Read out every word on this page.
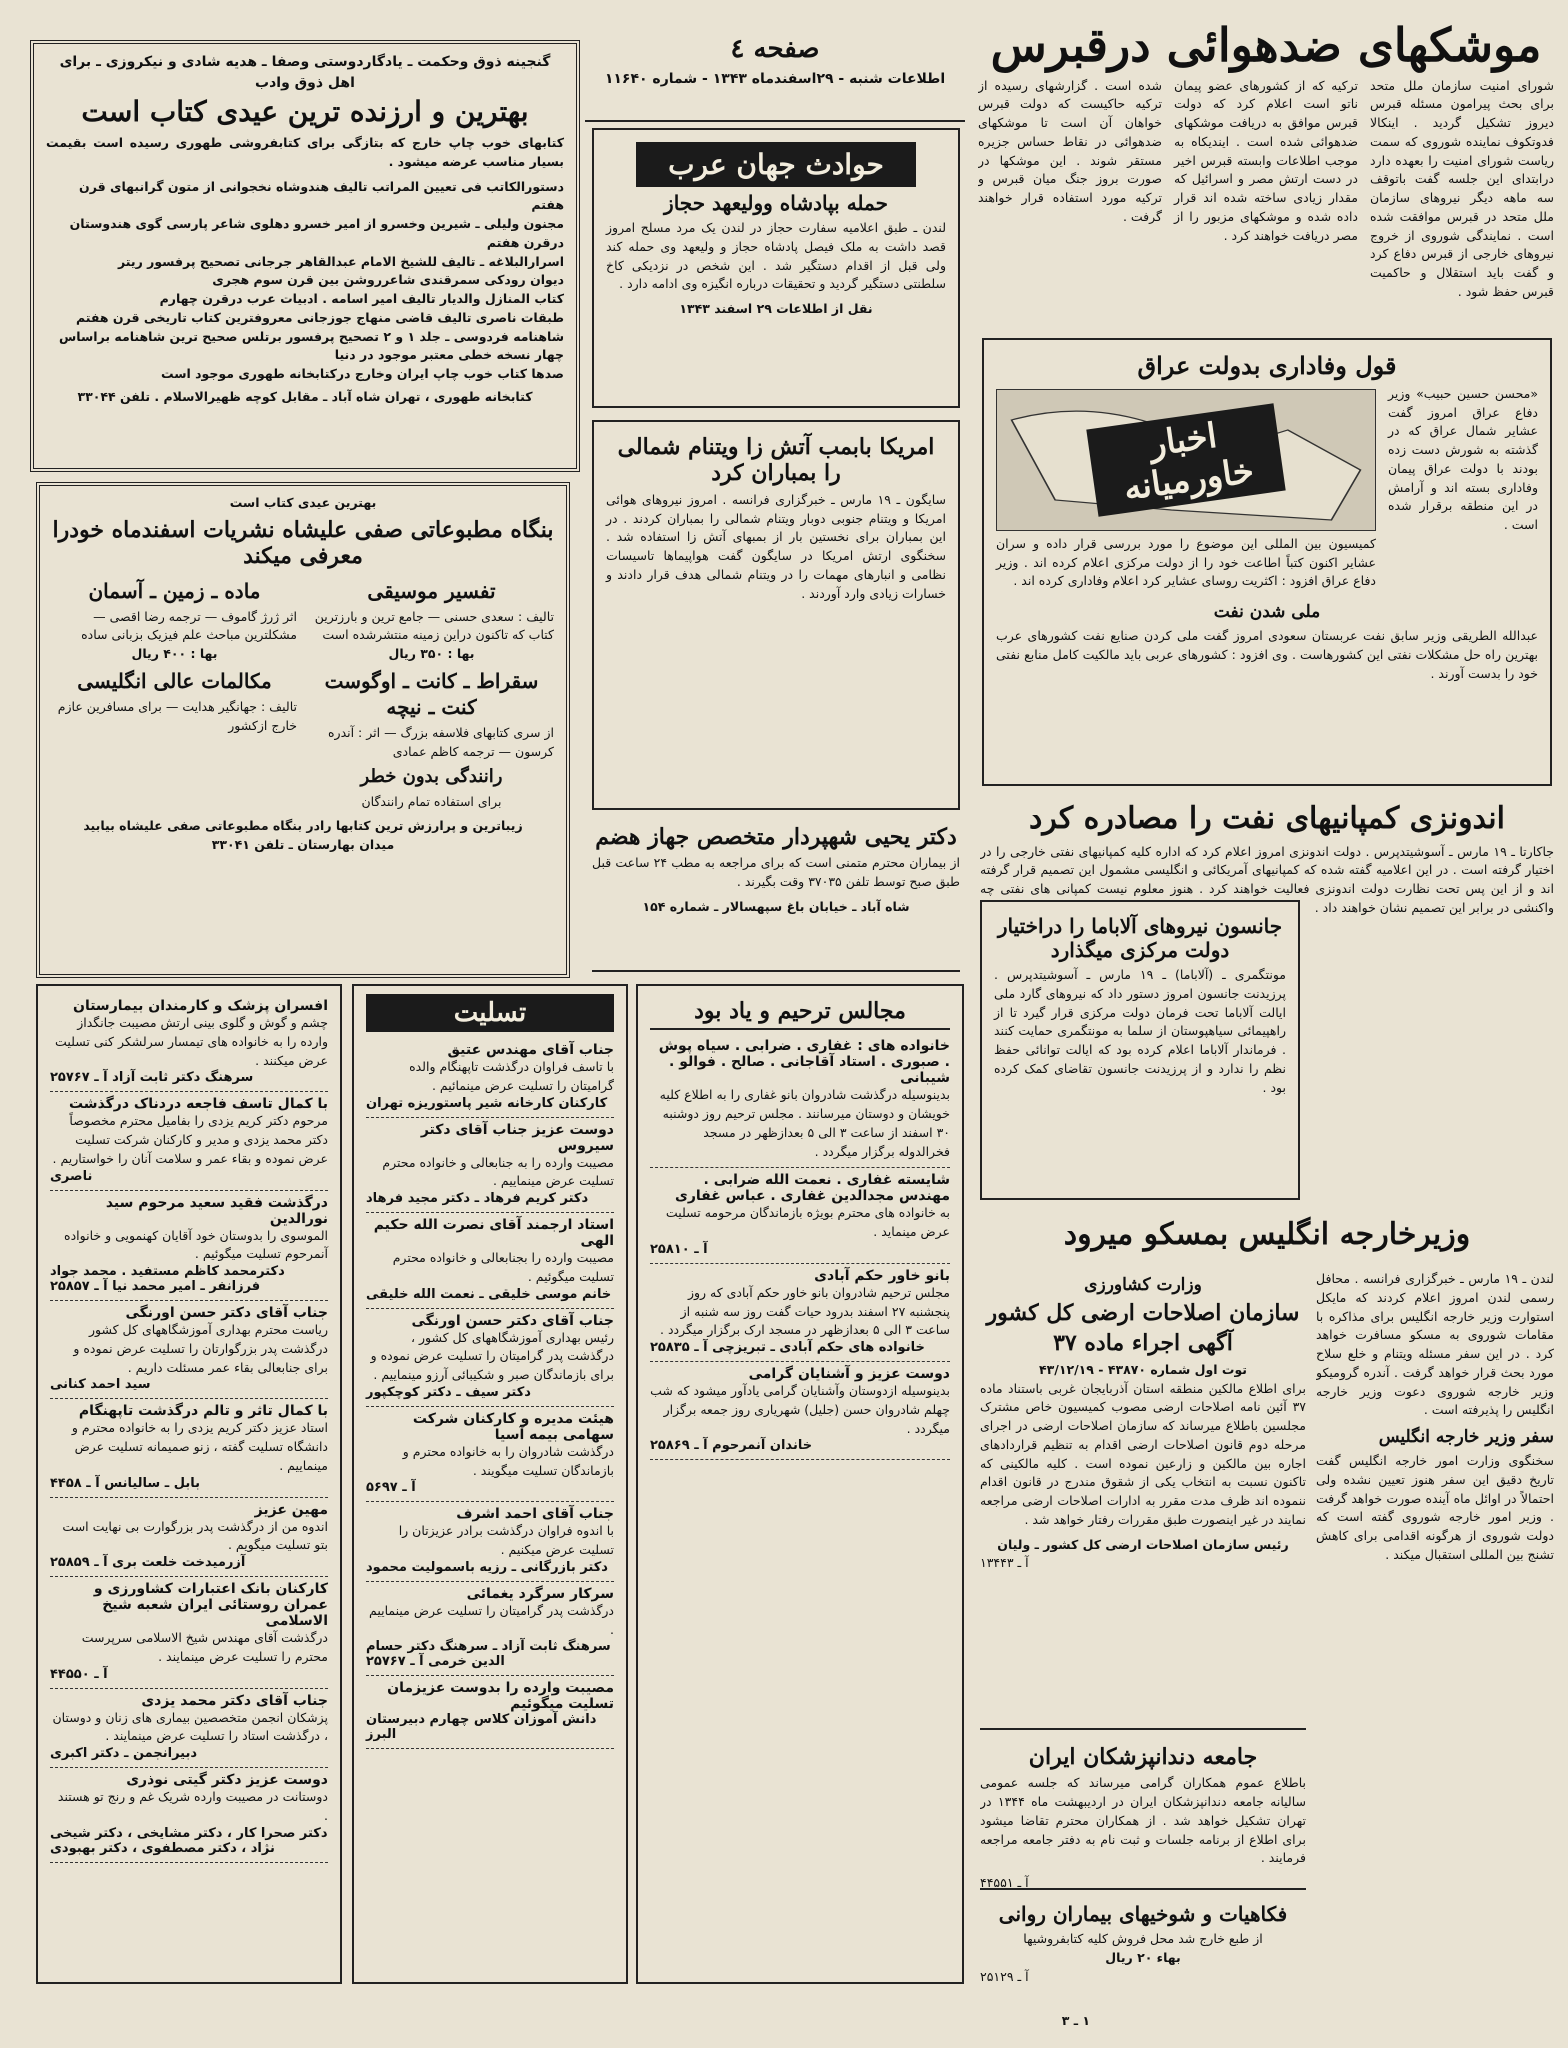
موشکهای ضدهوائی درقبرس

شورای امنیت سازمان ملل متحد برای بحث پیرامون مسئله قبرس دیروز تشکیل گردید . اینکالا فدوتکوف نماینده شوروی که سمت ریاست شورای امنیت را بعهده دارد درابتدای این جلسه گفت باتوقف سه ماهه دیگر نیروهای سازمان ملل متحد در قبرس موافقت شده است . نمایندگی شوروی از خروج نیروهای خارجی از قبرس دفاع کرد و گفت باید استقلال و حاکمیت قبرس حفظ شود .

ترکیه که از کشورهای عضو پیمان ناتو است اعلام کرد که دولت قبرس موافق به دریافت موشکهای ضدهوائی شده است . ایندیکاه به موجب اطلاعات وابسته قبرس اخیر در دست ارتش مصر و اسرائیل که مقدار زیادی ساخته شده اند قرار داده شده و موشکهای مزبور را از مصر دریافت خواهند کرد .

شده است . گزارشهای رسیده از ترکیه حاکیست که دولت قبرس خواهان آن است تا موشکهای ضدهوائی در نقاط حساس جزیره مستقر شوند . این موشکها در صورت بروز جنگ میان قبرس و ترکیه مورد استفاده قرار خواهند گرفت .

قول وفاداری بدولت عراق

«محسن حسین حبیب» وزیر دفاع عراق امروز گفت عشایر شمال عراق که در گذشته به شورش دست زده بودند با دولت عراق پیمان وفاداری بسته اند و آرامش در این منطقه برقرار شده است .

اخبار خاورمیانه

کمیسیون بین المللی این موضوع را مورد بررسی قرار داده و سران عشایر اکنون کتباً اطاعت خود را از دولت مرکزی اعلام کرده اند . وزیر دفاع عراق افزود : اکثریت روسای عشایر کرد اعلام وفاداری کرده اند .

ملی شدن نفت

عبدالله الطریقی وزیر سابق نفت عربستان سعودی امروز گفت ملی کردن صنایع نفت کشورهای عرب بهترین راه حل مشکلات نفتی این کشورهاست . وی افزود : کشورهای عربی باید مالکیت کامل منابع نفتی خود را بدست آورند .

اندونزی کمپانیهای نفت را مصادره کرد

جاکارتا ـ ۱۹ مارس ـ آسوشیتدپرس . دولت اندونزی امروز اعلام کرد که اداره کلیه کمپانیهای نفتی خارجی را در اختیار گرفته است . در این اعلامیه گفته شده که کمپانیهای آمریکائی و انگلیسی مشمول این تصمیم قرار گرفته اند و از این پس تحت نظارت دولت اندونزی فعالیت خواهند کرد . هنوز معلوم نیست کمپانی های نفتی چه واکنشی در برابر این تصمیم نشان خواهند داد .

جانسون نیروهای آلاباما را دراختیار دولت مرکزی میگذارد

مونتگمری ـ (آلاباما) ـ ۱۹ مارس ـ آسوشیتدپرس . پرزیدنت جانسون امروز دستور داد که نیروهای گارد ملی ایالت آلاباما تحت فرمان دولت مرکزی قرار گیرد تا از راهپیمائی سیاهپوستان از سلما به مونتگمری حمایت کنند . فرماندار آلاباما اعلام کرده بود که ایالت توانائی حفظ نظم را ندارد و از پرزیدنت جانسون تقاضای کمک کرده بود .

وزیرخارجه انگلیس بمسکو میرود

لندن ـ ۱۹ مارس ـ خبرگزاری فرانسه . محافل رسمی لندن امروز اعلام کردند که مایکل استوارت وزیر خارجه انگلیس برای مذاکره با مقامات شوروی به مسکو مسافرت خواهد کرد . در این سفر مسئله ویتنام و خلع سلاح مورد بحث قرار خواهد گرفت . آندره گرومیکو وزیر خارجه شوروی دعوت وزیر خارجه انگلیس را پذیرفته است .

سفر وزیر خارجه انگلیس

سخنگوی وزارت امور خارجه انگلیس گفت تاریخ دقیق این سفر هنوز تعیین نشده ولی احتمالاً در اوائل ماه آینده صورت خواهد گرفت . وزیر امور خارجه شوروی گفته است که دولت شوروی از هرگونه اقدامی برای کاهش تشنج بین المللی استقبال میکند .

وزارت کشاورزی
سازمان اصلاحات ارضی کل کشور
آگهی اجراء ماده ۳۷
توت اول شماره ۴۳۸۷۰ - ۴۳/۱۲/۱۹

برای اطلاع مالکین منطقه استان آذربایجان غربی باستناد ماده ۳۷ آئین نامه اصلاحات ارضی مصوب کمیسیون خاص مشترک مجلسین باطلاع میرساند که سازمان اصلاحات ارضی در اجرای مرحله دوم قانون اصلاحات ارضی اقدام به تنظیم قراردادهای اجاره بین مالکین و زارعین نموده است . کلیه مالکینی که تاکنون نسبت به انتخاب یکی از شقوق مندرج در قانون اقدام ننموده اند ظرف مدت مقرر به ادارات اصلاحات ارضی مراجعه نمایند در غیر اینصورت طبق مقررات رفتار خواهد شد .

رئیس سازمان اصلاحات ارضی کل کشور ـ ولیان
آ ـ ۱۳۴۴۳
جامعه دندانپزشکان ایران

باطلاع عموم همکاران گرامی میرساند که جلسه عمومی سالیانه جامعه دندانپزشکان ایران در اردیبهشت ماه ۱۳۴۴ در تهران تشکیل خواهد شد . از همکاران محترم تقاضا میشود برای اطلاع از برنامه جلسات و ثبت نام به دفتر جامعه مراجعه فرمایند .

آ ـ ۴۴۵۵۱
فکاهیات و شوخیهای بیماران روانی
از طبع خارج شد محل فروش کلیه کتابفروشیها
بهاء ۲۰ ریال
آ ـ ۲۵۱۲۹
صفحه ٤
اطلاعات شنبه - ۲۹اسفندماه ۱۳۴۳ - شماره ۱۱۶۴۰
حوادث جهان عرب
حمله بپادشاه وولیعهد حجاز

لندن ـ طبق اعلامیه سفارت حجاز در لندن یک مرد مسلح امروز قصد داشت به ملک فیصل پادشاه حجاز و ولیعهد وی حمله کند ولی قبل از اقدام دستگیر شد . این شخص در نزدیکی کاخ سلطنتی دستگیر گردید و تحقیقات درباره انگیزه وی ادامه دارد .

نقل از اطلاعات ۲۹ اسفند ۱۳۴۳
امریکا بابمب آتش زا ویتنام شمالی را بمباران کرد

سایگون ـ ۱۹ مارس ـ خبرگزاری فرانسه . امروز نیروهای هوائی امریکا و ویتنام جنوبی دوبار ویتنام شمالی را بمباران کردند . در این بمباران برای نخستین بار از بمبهای آتش زا استفاده شد . سخنگوی ارتش امریکا در سایگون گفت هواپیماها تاسیسات نظامی و انبارهای مهمات را در ویتنام شمالی هدف قرار دادند و خسارات زیادی وارد آوردند .

دکتر یحیی شهپردار متخصص جهاز هضم

از بیماران محترم متمنی است که برای مراجعه به مطب ۲۴ ساعت قبل طبق صبح توسط تلفن ۳۷۰۳۵ وقت بگیرند .

شاه آباد ـ خیابان باغ سپهسالار ـ شماره ۱۵۴
مجالس ترحیم و یاد بود
خانواده های : غفاری . ضرابی . سیاه پوش . صبوری . استاد آقاجانی . صالح . فوالو . شیبانی
بدینوسیله درگذشت شادروان بانو غفاری را به اطلاع کلیه خویشان و دوستان میرسانند . مجلس ترحیم روز دوشنبه ۳۰ اسفند از ساعت ۳ الی ۵ بعدازظهر در مسجد فخرالدوله برگزار میگردد .
شایسته غفاری . نعمت الله ضرابی . مهندس مجدالدین غفاری . عباس غفاری
به خانواده های محترم بویژه بازماندگان مرحومه تسلیت عرض مینماید .
آ ـ ۲۵۸۱۰
بانو خاور حکم آبادی
مجلس ترحیم شادروان بانو خاور حکم آبادی که روز پنجشنبه ۲۷ اسفند بدرود حیات گفت روز سه شنبه از ساعت ۳ الی ۵ بعدازظهر در مسجد ارک برگزار میگردد .
خانواده های حکم آبادی ـ تبریزچی آ ـ ۲۵۸۳۵
دوست عزیز و آشنایان گرامی
بدینوسیله ازدوستان وآشنایان گرامی یادآور میشود که شب چهلم شادروان حسن (جلیل) شهریاری روز جمعه برگزار میگردد .
خاندان آنمرحوم آ ـ ۲۵۸۶۹
تسلیت
جناب آقای مهندس عتیق
با تاسف فراوان درگذشت تاپهنگام والده گرامیتان را تسلیت عرض مینمائیم .
کارکنان کارخانه شیر پاستوریزه تهران
دوست عزیز جناب آقای دکتر سیروس
مصیبت وارده را به جنابعالی و خانواده محترم تسلیت عرض مینماییم .
دکتر کریم فرهاد ـ دکتر مجید فرهاد
استاد ارجمند آقای نصرت الله حکیم الهی
مصیبت وارده را بجنابعالی و خانواده محترم تسلیت میگوئیم .
خانم موسی خلیقی ـ نعمت الله خلیقی
جناب آقای دکتر حسن اورنگی
رئیس بهداری آموزشگاههای کل کشور ، درگذشت پدر گرامیتان را تسلیت عرض نموده و برای بازماندگان صبر و شکیبائی آرزو مینماییم .
دکتر سیف ـ دکتر کوچکپور
هیئت مدیره و کارکنان شرکت سهامی بیمه آسیا
درگذشت شادروان را به خانواده محترم و بازماندگان تسلیت میگویند .
آ ـ ۵۶۹۷
جناب آقای احمد اشرف
با اندوه فراوان درگذشت برادر عزیزتان را تسلیت عرض میکنیم .
دکتر بازرگانی ـ رزیه باسمولیت محمود
سرکار سرگرد یغمائی
درگذشت پدر گرامیتان را تسلیت عرض مینماییم .
سرهنگ ثابت آزاد ـ سرهنگ دکتر حسام الدین خرمی آ ـ ۲۵۷۶۷
مصیبت وارده را بدوست عزیزمان تسلیت میگوئیم
دانش آموزان کلاس چهارم دبیرستان البرز
گنجینه ذوق وحکمت ـ یادگاردوستی وصفا ـ هدیه شادی و نیکروزی ـ برای اهل ذوق وادب
بهترین و ارزنده ترین عیدی کتاب است

کتابهای خوب چاپ خارج که بتازگی برای کتابفروشی طهوری رسیده است بقیمت بسیار مناسب عرضه میشود .

دستورالکاتب فی تعیین المراتب تالیف هندوشاه نخجوانی از متون گرانبهای قرن هفتم
مجنون ولیلی ـ شیرین وخسرو از امیر خسرو دهلوی شاعر پارسی گوی هندوستان درقرن هفتم
اسرارالبلاغه ـ تالیف للشیخ الامام عبدالقاهر جرجانی تصحیح پرفسور ریتر
دیوان رودکی سمرقندی شاعرروشن بین قرن سوم هجری
کتاب المنازل والدیار تالیف امیر اسامه . ادبیات عرب درقرن چهارم
طبقات ناصری تالیف قاضی منهاج جوزجانی معروفترین کتاب تاریخی قرن هفتم
شاهنامه فردوسی ـ جلد ۱ و ۲ تصحیح پرفسور برتلس صحیح ترین شاهنامه براساس چهار نسخه خطی معتبر موجود در دنیا
صدها کتاب خوب چاپ ایران وخارج درکتابخانه طهوری موجود است
کتابخانه طهوری ، تهران شاه آباد ـ مقابل کوچه ظهیرالاسلام . تلفن ۳۳۰۴۴
بهترین عیدی کتاب است
بنگاه مطبوعاتی صفی علیشاه نشریات اسفندماه خودرا معرفی میکند
تفسیر موسیقی
تالیف : سعدی حسنی — جامع ترین و بارزترین کتاب که تاکنون دراین زمینه منتشرشده است
بها : ۳۵۰ ریال
سقراط ـ کانت ـ اوگوست کنت ـ نیچه
از سری کتابهای فلاسفه بزرگ — اثر : آندره کرسون — ترجمه کاظم عمادی
رانندگی بدون خطر
برای استفاده تمام رانندگان
ماده ـ زمین ـ آسمان
اثر ژرژ گاموف — ترجمه رضا اقصی — مشکلترین مباحث علم فیزیک بزبانی ساده
بها : ۴۰۰ ریال
مکالمات عالی انگلیسی
تالیف : جهانگیر هدایت — برای مسافرین عازم خارج ازکشور
زیباترین و پرارزش ترین کتابها رادر بنگاه مطبوعاتی صفی علیشاه بیابید
میدان بهارستان ـ تلفن ۳۳۰۴۱
افسران پزشک و کارمندان بیمارستان
چشم و گوش و گلوی بینی ارتش مصیبت جانگداز وارده را به خانواده های تیمسار سرلشکر کنی تسلیت عرض میکنند .
سرهنگ دکتر ثابت آزاد آ ـ ۲۵۷۶۷
با کمال تاسف فاجعه دردناک درگذشت
مرحوم دکتر کریم یزدی را بفامیل محترم مخصوصاً دکتر محمد یزدی و مدیر و کارکنان شرکت تسلیت عرض نموده و بقاء عمر و سلامت آنان را خواستاریم .
ناصری
درگذشت فقید سعید مرحوم سید نورالدین
الموسوی را بدوستان خود آقایان کهنمویی و خانواده آنمرحوم تسلیت میگوئیم .
دکترمحمد کاظم مستفید . محمد جواد فرزانفر ـ امیر محمد نیا آ ـ ۲۵۸۵۷
جناب آقای دکتر حسن اورنگی
ریاست محترم بهداری آموزشگاههای کل کشور درگذشت پدر بزرگوارتان را تسلیت عرض نموده و برای جنابعالی بقاء عمر مسئلت داریم .
سید احمد کنانی
با کمال تاثر و تالم درگذشت تاپهنگام
استاد عزیز دکتر کریم یزدی را به خانواده محترم و دانشگاه تسلیت گفته ، زنو صمیمانه تسلیت عرض مینماییم .
بابل ـ سالیانس آ ـ ۴۴۵۸
مهین عزیز
اندوه من از درگذشت پدر بزرگوارت بی نهایت است بتو تسلیت میگویم .
آزرمیدخت خلعت بری آ ـ ۲۵۸۵۹
کارکنان بانک اعتبارات کشاورزی و عمران روستائی ایران شعبه شیخ الاسلامی
درگذشت آقای مهندس شیخ الاسلامی سرپرست محترم را تسلیت عرض مینمایند .
آ ـ ۴۴۵۵۰
جناب آقای دکتر محمد یزدی
پزشکان انجمن متخصصین بیماری های زنان و دوستان ، درگذشت استاد را تسلیت عرض مینمایند .
دبیرانجمن ـ دکتر اکبری
دوست عزیز دکتر گیتی نوذری
دوستانت در مصیبت وارده شریک غم و رنج تو هستند .
دکتر صحرا کار ، دکتر مشایخی ، دکتر شیخی نژاد ، دکتر مصطفوی ، دکتر بهبودی
۱ ـ ۳
